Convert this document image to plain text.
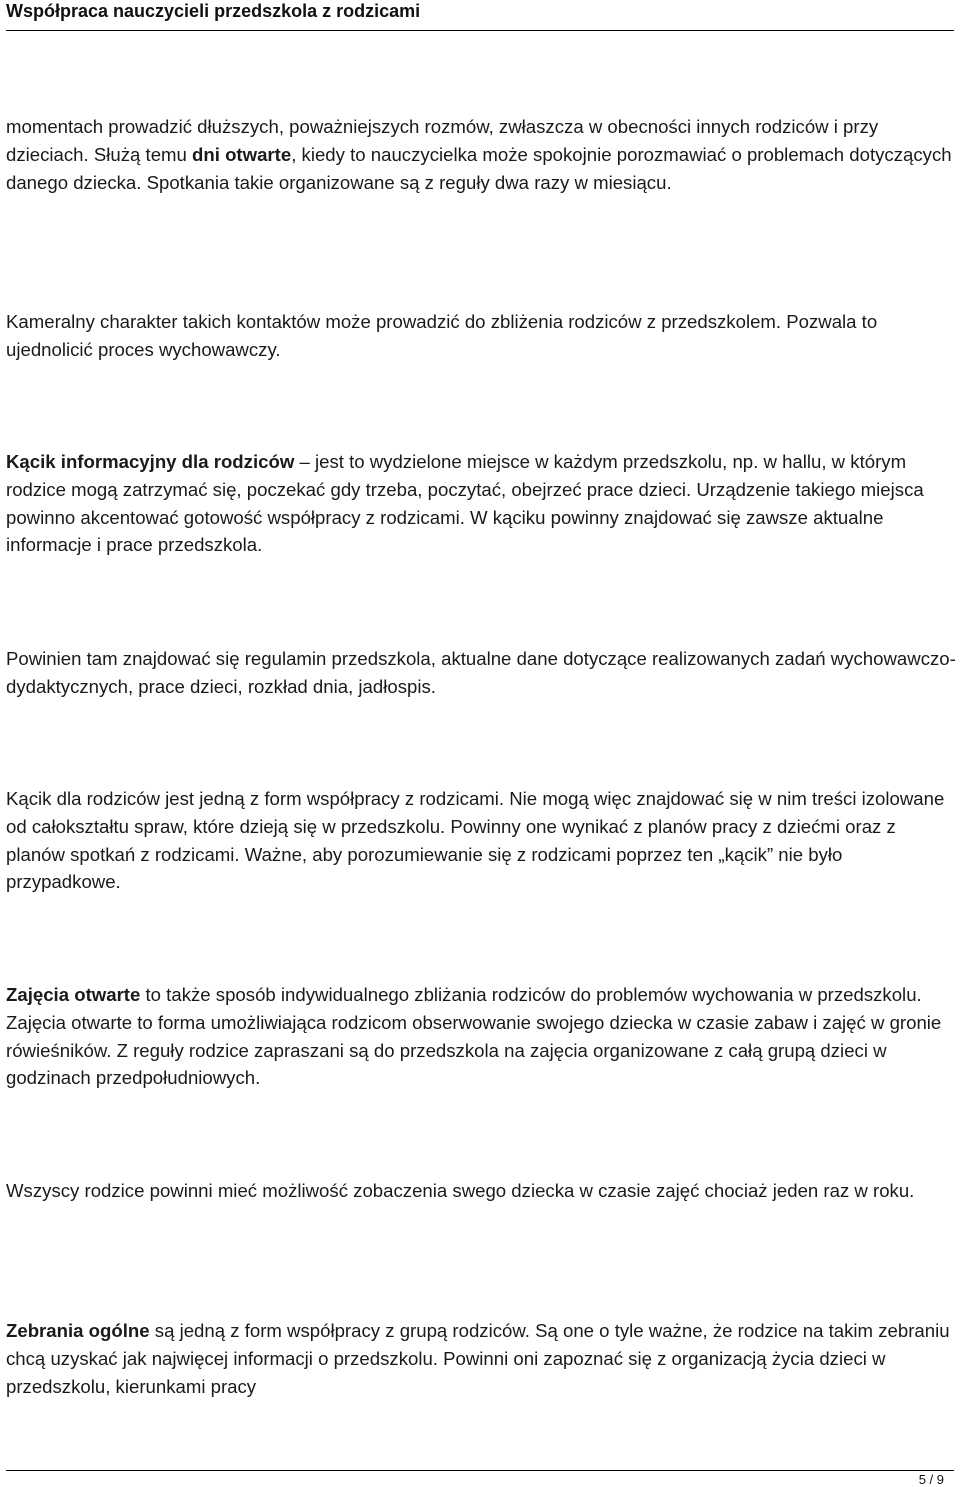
Współpraca nauczycieli przedszkola z rodzicami

momentach prowadzić dłuższych, poważniejszych rozmów, zwłaszcza w obecności innych rodziców i przy dzieciach. Służą temu dni otwarte, kiedy to nauczycielka może spokojnie porozmawiać o problemach dotyczących danego dziecka. Spotkania takie organizowane są z reguły dwa razy w miesiącu.

Kameralny charakter takich kontaktów może prowadzić do zbliżenia rodziców z przedszkolem. Pozwala to ujednolicić proces wychowawczy.

Kącik informacyjny dla rodziców – jest to wydzielone miejsce w każdym przedszkolu, np. w hallu, w którym rodzice mogą zatrzymać się, poczekać gdy trzeba, poczytać, obejrzeć prace dzieci. Urządzenie takiego miejsca powinno akcentować gotowość współpracy z rodzicami. W kąciku powinny znajdować się zawsze aktualne informacje i prace przedszkola.

Powinien tam znajdować się regulamin przedszkola, aktualne dane dotyczące realizowanych zadań wychowawczo-dydaktycznych, prace dzieci, rozkład dnia, jadłospis.

Kącik dla rodziców jest jedną z form współpracy z rodzicami. Nie mogą więc znajdować się w nim treści izolowane od całokształtu spraw, które dzieją się w przedszkolu. Powinny one wynikać z planów pracy z dziećmi oraz z planów spotkań z rodzicami. Ważne, aby porozumiewanie się z rodzicami poprzez ten „kącik” nie było przypadkowe.

Zajęcia otwarte to także sposób indywidualnego zbliżania rodziców do problemów wychowania w przedszkolu. Zajęcia otwarte to forma umożliwiająca rodzicom obserwowanie swojego dziecka w czasie zabaw i zajęć w gronie rówieśników. Z reguły rodzice zapraszani są do przedszkola na zajęcia organizowane z całą grupą dzieci w godzinach przedpołudniowych.

Wszyscy rodzice powinni mieć możliwość zobaczenia swego dziecka w czasie zajęć chociaż jeden raz w roku.

Zebrania ogólne są jedną z form współpracy z grupą rodziców. Są one o tyle ważne, że rodzice na takim zebraniu chcą uzyskać jak najwięcej informacji o przedszkolu. Powinni oni zapoznać się z organizacją życia dzieci w przedszkolu, kierunkami pracy

5 / 9
